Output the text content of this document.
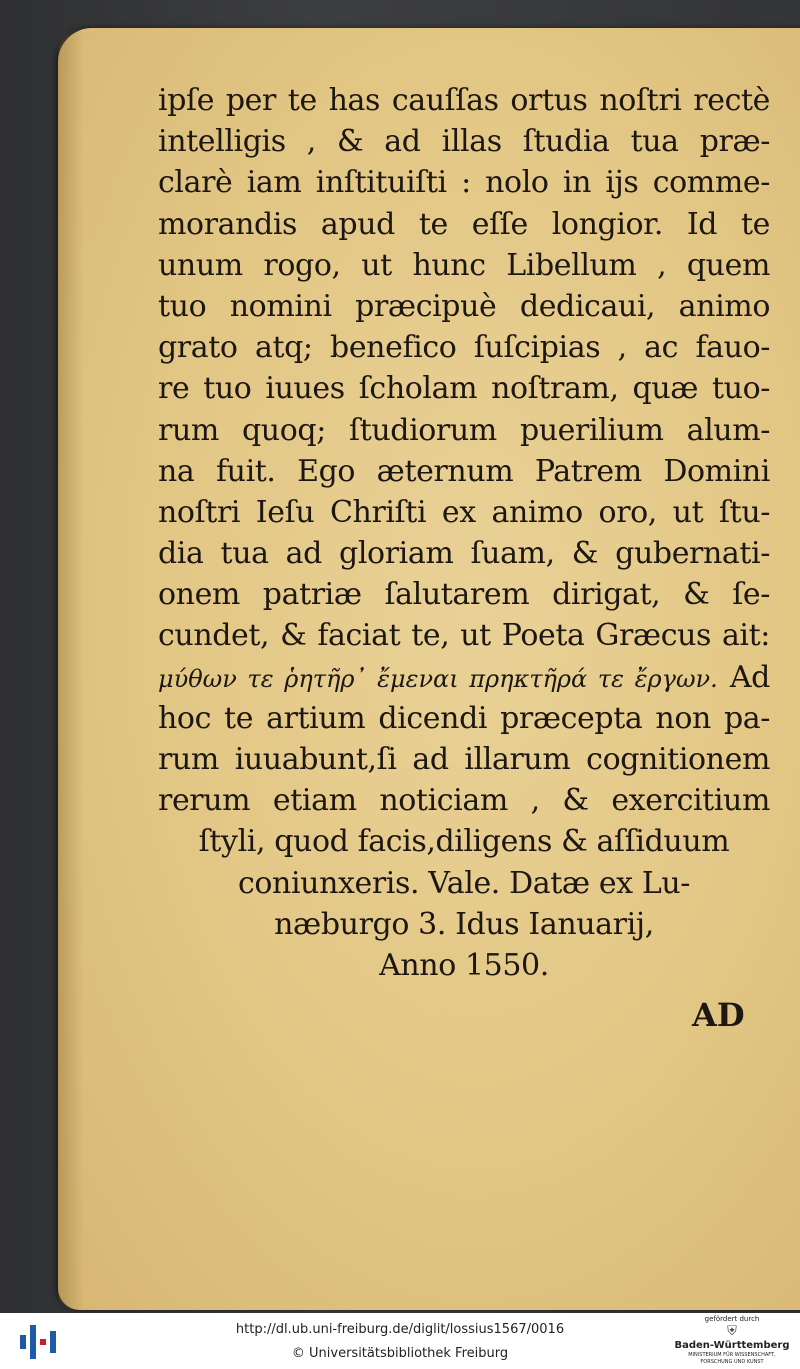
ipſe per te has cauſſas ortus noſtri rectè
intelligis , & ad illas ſtudia tua præ-
clarè iam inſtituiſti : nolo in ijs comme-
morandis apud te eſſe longior. Id te
unum rogo, ut hunc Libellum , quem
tuo nomini præcipuè dedicaui, animo
grato atq; benefico ſuſcipias , ac fauo-
re tuo iuues ſcholam noſtram, quæ tuo-
rum quoq; ſtudiorum puerilium alum-
na fuit. Ego æternum Patrem Domini
noſtri Ieſu Chriſti ex animo oro, ut ſtu-
dia tua ad gloriam ſuam, & gubernati-
onem patriæ ſalutarem dirigat, & ſe-
cundet, & faciat te, ut Poeta Græcus ait:
μύθων τε ῥητῆρ᾽ ἔμεναι πρηκτῆρά τε ἔργων. Ad
hoc te artium dicendi præcepta non pa-
rum iuuabunt,ſi ad illarum cognitionem
rerum etiam noticiam , & exercitium
ſtyli, quod facis,diligens & aſſiduum
coniunxeris. Vale. Datæ ex Lu-
næburgo 3. Idus Ianuarij,
Anno 1550.
AD
http://dl.ub.uni-freiburg.de/diglit/lossius1567/0016
© Universitätsbibliothek Freiburg
gefördert durch
⛨
Baden-Württemberg
MINISTERIUM FÜR WISSENSCHAFT, FORSCHUNG UND KUNST
